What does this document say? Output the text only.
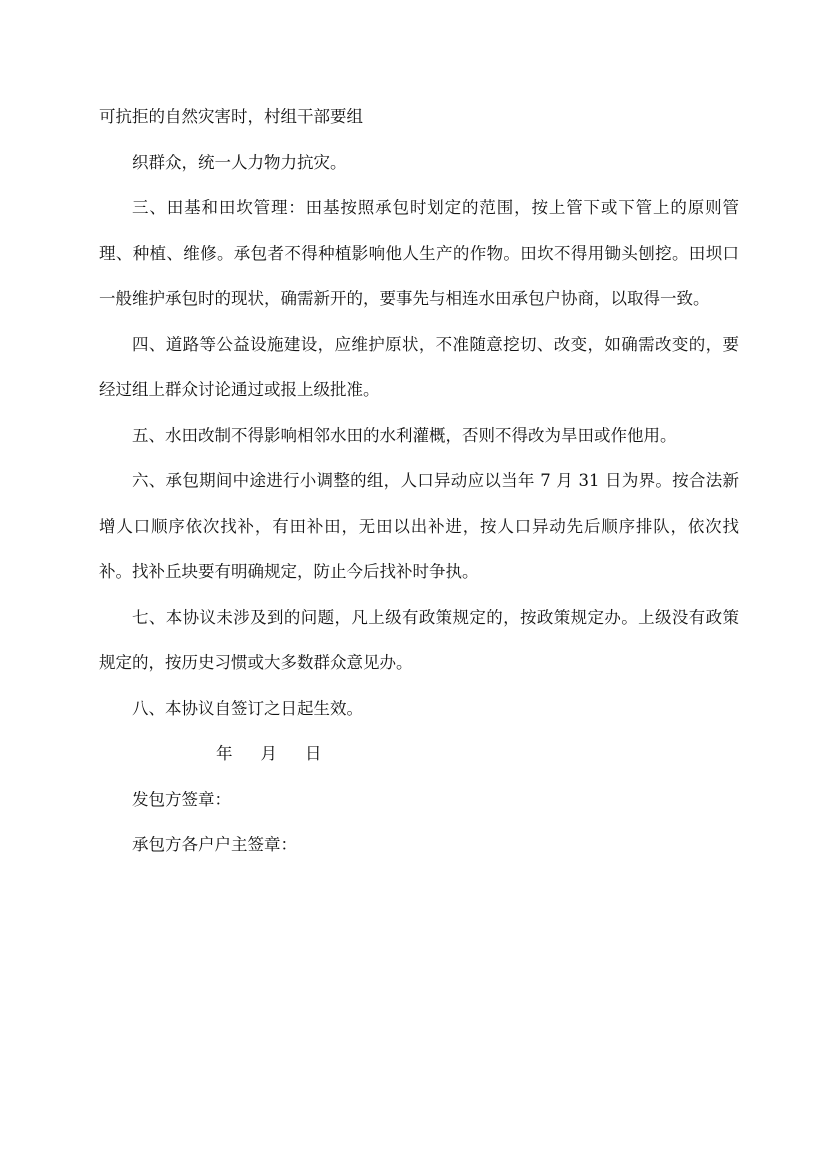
可抗拒的自然灾害时，村组干部要组

织群众，统一人力物力抗灾。

三、田基和田坎管理：田基按照承包时划定的范围，按上管下或下管上的原则管理、种植、维修。承包者不得种植影响他人生产的作物。田坎不得用锄头刨挖。田坝口一般维护承包时的现状，确需新开的，要事先与相连水田承包户协商，以取得一致。

四、道路等公益设施建设，应维护原状，不准随意挖切、改变，如确需改变的，要经过组上群众讨论通过或报上级批准。

五、水田改制不得影响相邻水田的水利灌概，否则不得改为旱田或作他用。

六、承包期间中途进行小调整的组，人口异动应以当年 7 月 31 日为界。按合法新增人口顺序依次找补，有田补田，无田以出补进，按人口异动先后顺序排队，依次找补。找补丘块要有明确规定，防止今后找补时争执。

七、本协议未涉及到的问题，凡上级有政策规定的，按政策规定办。上级没有政策规定的，按历史习惯或大多数群众意见办。

八、本协议自签订之日起生效。

年 月 日

发包方签章：

承包方各户户主签章：
